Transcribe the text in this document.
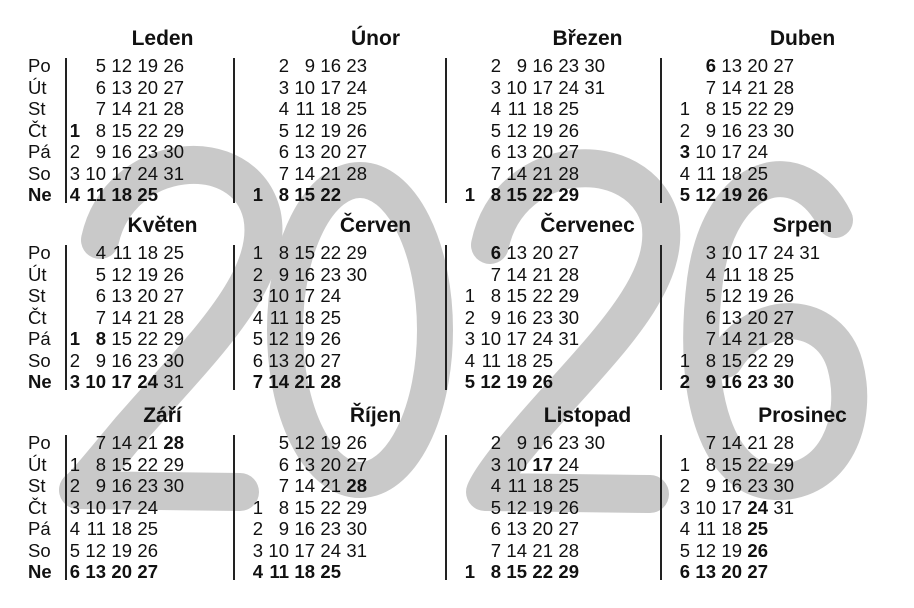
Leden
Po
Út
St
Čt
Pá
So
Ne
1
2
3
4
5
6
7
8
9
10
11
12
13
14
15
16
17
18
19
20
21
22
23
24
25
26
27
28
29
30
31
Únor
1
2
3
4
5
6
7
8
9
10
11
12
13
14
15
16
17
18
19
20
21
22
23
24
25
26
27
28
Březen
1
2
3
4
5
6
7
8
9
10
11
12
13
14
15
16
17
18
19
20
21
22
23
24
25
26
27
28
29
30
31
Duben
1
2
3
4
5
6
7
8
9
10
11
12
13
14
15
16
17
18
19
20
21
22
23
24
25
26
27
28
29
30
Květen
Po
Út
St
Čt
Pá
So
Ne
1
2
3
4
5
6
7
8
9
10
11
12
13
14
15
16
17
18
19
20
21
22
23
24
25
26
27
28
29
30
31
Červen
1
2
3
4
5
6
7
8
9
10
11
12
13
14
15
16
17
18
19
20
21
22
23
24
25
26
27
28
29
30
Červenec
1
2
3
4
5
6
7
8
9
10
11
12
13
14
15
16
17
18
19
20
21
22
23
24
25
26
27
28
29
30
31
Srpen
1
2
3
4
5
6
7
8
9
10
11
12
13
14
15
16
17
18
19
20
21
22
23
24
25
26
27
28
29
30
31
Září
Po
Út
St
Čt
Pá
So
Ne
1
2
3
4
5
6
7
8
9
10
11
12
13
14
15
16
17
18
19
20
21
22
23
24
25
26
27
28
29
30
Říjen
1
2
3
4
5
6
7
8
9
10
11
12
13
14
15
16
17
18
19
20
21
22
23
24
25
26
27
28
29
30
31
Listopad
1
2
3
4
5
6
7
8
9
10
11
12
13
14
15
16
17
18
19
20
21
22
23
24
25
26
27
28
29
30
Prosinec
1
2
3
4
5
6
7
8
9
10
11
12
13
14
15
16
17
18
19
20
21
22
23
24
25
26
27
28
29
30
31
